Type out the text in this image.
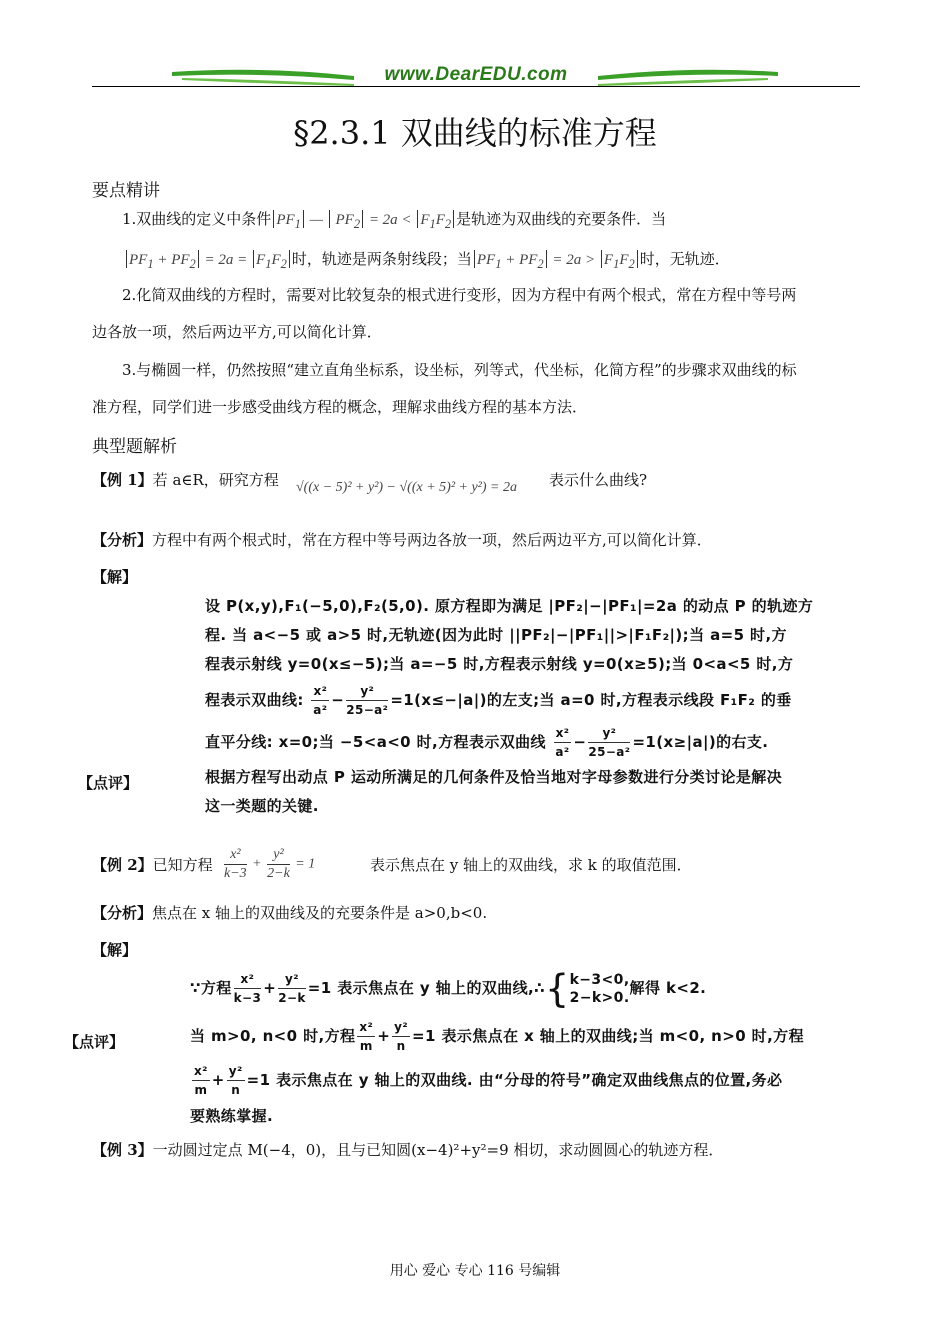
www.DearEDU.com
§2.3.1 双曲线的标准方程
要点精讲
1.双曲线的定义中条件 $PF_1$ —  $PF_2 = 2a < F_1F_2$ 是轨迹为双曲线的充要条件．当
$PF_1 + PF_2 = 2a = F_1F_2$ 时，轨迹是两条射线段；当 $PF_1 + PF_2 = 2a > F_1F_2$ 时，无轨迹．
2.化简双曲线的方程时，需要对比较复杂的根式进行变形，因为方程中有两个根式，常在方程中等号两
边各放一项，然后两边平方,可以简化计算．
3.与椭圆一样，仍然按照“建立直角坐标系，设坐标，列等式，代坐标，化简方程”的步骤求双曲线的标
准方程，同学们进一步感受曲线方程的概念，理解求曲线方程的基本方法．
典型题解析
【例 1】若 a∈R，研究方程 √((x − 5)² + y²) − √((x + 5)² + y²) = 2a 表示什么曲线?
【分析】方程中有两个根式时，常在方程中等号两边各放一项，然后两边平方,可以简化计算．
【解】
设 P(x,y),F₁(−5,0),F₂(5,0). 原方程即为满足 |PF₂|−|PF₁|=2a 的动点 P 的轨迹方
程. 当 a<−5 或 a>5 时,无轨迹(因为此时 ||PF₂|−|PF₁||>|F₁F₂|);当 a=5 时,方
程表示射线 y=0(x≤−5);当 a=−5 时,方程表示射线 y=0(x≥5);当 0<a<5 时,方
程表示双曲线: $\frac{\text{x²}}{\text{a²}} - \frac{\text{y²}}{\text{25−a²}} =1(x\le-|a|)$的左支;当 a=0 时,方程表示线段 F₁F₂ 的垂
直平分线: x=0;当 −5<a<0 时,方程表示双曲线 $\frac{\text{x²}}{\text{a²}} - \frac{\text{y²}}{\text{25−a²}} =1(x\ge|a|)$的右支.
根据方程写出动点 P 运动所满足的几何条件及恰当地对字母参数进行分类讨论是解决
这一类题的关键.
【点评】
【例 2】已知方程 $\frac{\text{x²}}{k-3} + \frac{\text{y²}}{2-k} = 1$	表示焦点在 y 轴上的双曲线，求 k 的取值范围．
【分析】焦点在 x 轴上的双曲线及的充要条件是 a>0,b<0.
【解】
∵方程 $\frac{\text{x²}}{k-3} + \frac{\text{y²}}{2-k} =1$ 表示焦点在 y 轴上的双曲线,∴{ k−3<0,
2−k>0.
解得 k<2.
当 m>0, n<0 时,方程 $\frac{\text{x²}}{m} + \frac{\text{y²}}{n} =1$ 表示焦点在 x 轴上的双曲线;当 m<0, n>0 时,方程
$\frac{\text{x²}}{m} + \frac{\text{y²}}{n} =1$ 表示焦点在 y 轴上的双曲线. 由“分母的符号”确定双曲线焦点的位置,务必
要熟练掌握.
【点评】
【例 3】一动圆过定点 M(−4，0)，且与已知圆(x−4)²+y²=9 相切，求动圆圆心的轨迹方程．
用心 爱心 专心 116 号编辑
